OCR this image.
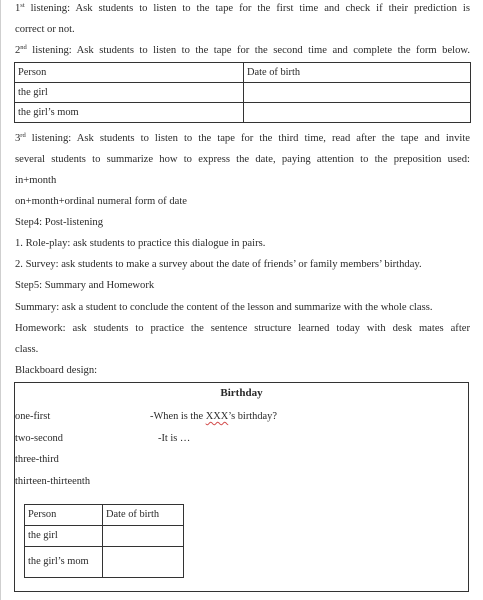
1st listening: Ask students to listen to the tape for the first time and check if their prediction is
correct or not.
2nd listening: Ask students to listen to the tape for the second time and complete the form below.
Person	Date of birth
the girl	
the girl’s mom	
3rd listening: Ask students to listen to the tape for the third time, read after the tape and invite
several students to summarize how to express the date, paying attention to the preposition used:
in+month
on+month+ordinal numeral form of date
Step4: Post-listening
1. Role-play: ask students to practice this dialogue in pairs.
2. Survey: ask students to make a survey about the date of friends’ or family members’ birthday.
Step5: Summary and Homework
Summary: ask a student to conclude the content of the lesson and summarize with the whole class.
Homework: ask students to practice the sentence structure learned today with desk mates after
class.
Blackboard design:
Birthday
one-first
two-second
three-third
thirteen-thirteenth
-When is the XXX’s birthday?
-It is …
Person	Date of birth
the girl	
the girl’s mom	
